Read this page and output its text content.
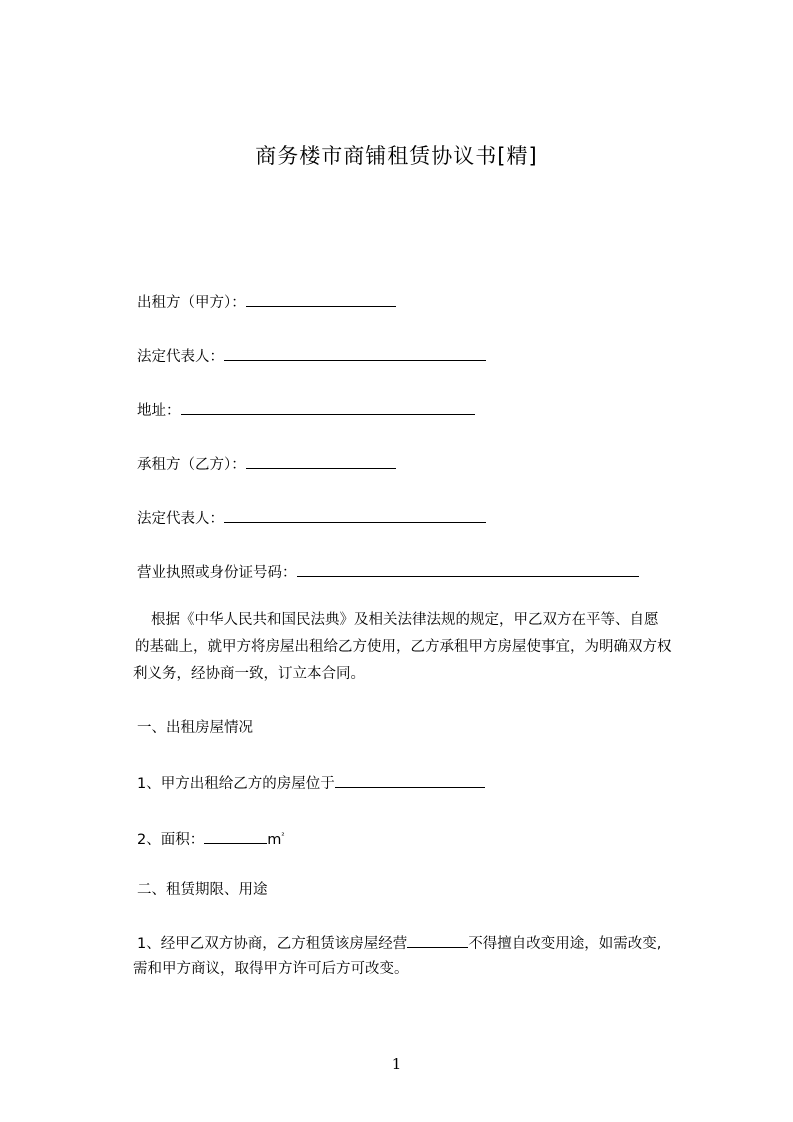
商务楼市商铺租赁协议书[精]
出租方（甲方）：
法定代表人：
地址：
承租方（乙方）：
法定代表人：
营业执照或身份证号码：
根据《中华人民共和国民法典》及相关法律法规的规定，甲乙双方在平等、自愿
的基础上，就甲方将房屋出租给乙方使用，乙方承租甲方房屋使事宜，为明确双方权
利义务，经协商一致，订立本合同。
一、出租房屋情况
1、甲方出租给乙方的房屋位于
2、面积：	$m^{^2}$
二、租赁期限、用途
1、经甲乙双方协商，乙方租赁该房屋经营	不得擅自改变用途，如需改变,
需和甲方商议，取得甲方许可后方可改变。
1
